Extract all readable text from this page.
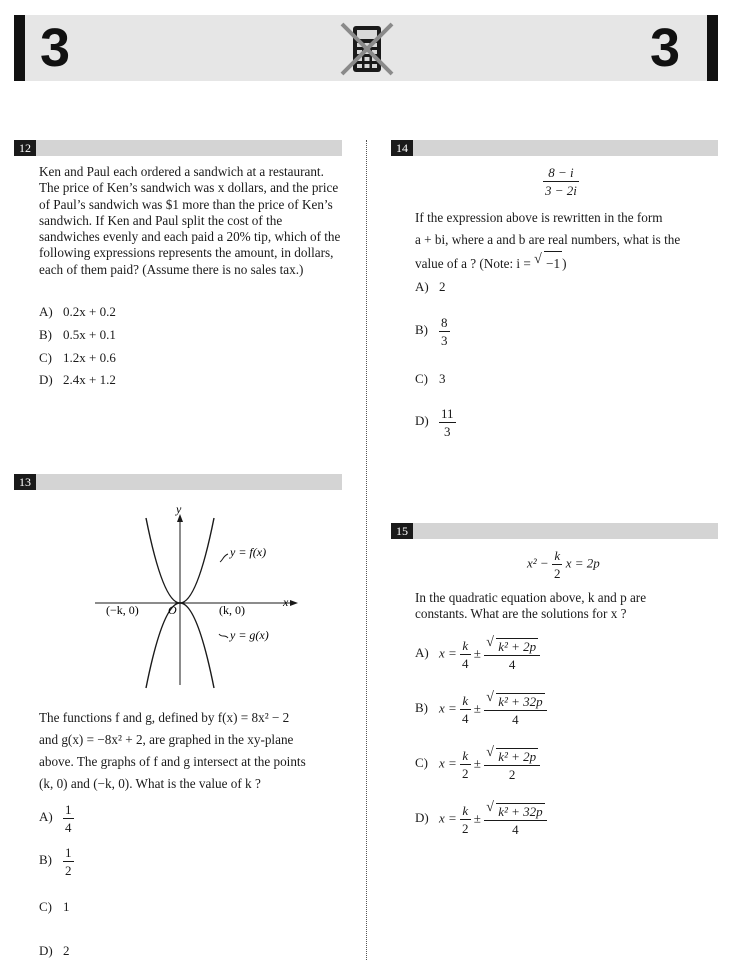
3	3
12
Ken and Paul each ordered a sandwich at a restaurant. The price of Ken’s sandwich was x dollars, and the price of Paul’s sandwich was $1 more than the price of Ken’s sandwich. If Ken and Paul split the cost of the sandwiches evenly and each paid a 20% tip, which of the following expressions represents the amount, in dollars, each of them paid? (Assume there is no sales tax.)
A) 0.2x + 0.2
B) 0.5x + 0.1
C) 1.2x + 0.6
D) 2.4x + 1.2
13
y
x
O
(−k, 0)	(k, 0)
y = f(x)
y = g(x)
The functions f and g, defined by f(x) = 8x² − 2
and g(x) = −8x² + 2, are graphed in the xy-plane
above. The graphs of f and g intersect at the points
(k, 0) and (−k, 0). What is the value of k ?
$A) \frac{1}{4}$
$B) \frac{1}{2}$
C) 1
D) 2
14
$\frac{8 - i}{3 - 2i}$
If the expression above is rewritten in the form
a + bi, where a and b are real numbers, what is the
value of a ? (Note: i = √ −1 )
A) 2
$B) \frac{8}{3}$
C) 3
$D) \frac{11}{3}$
15
$x^2 - \frac{k}{2}$ x = 2p
In the quadratic equation above, k and p are
constants. What are the solutions for x ?
A) $x = \frac{k}{4}$ ± √ $\frac{\text{k² + 2p}}{4}$
B) $x = \frac{k}{4}$ ± √ $\frac{\text{k² + 32p}}{4}$
C) $x = \frac{k}{2}$ ± √ $\frac{\text{k² + 2p}}{2}$
D) $x = \frac{k}{2}$ ± √ $\frac{\text{k² + 32p}}{4}$
